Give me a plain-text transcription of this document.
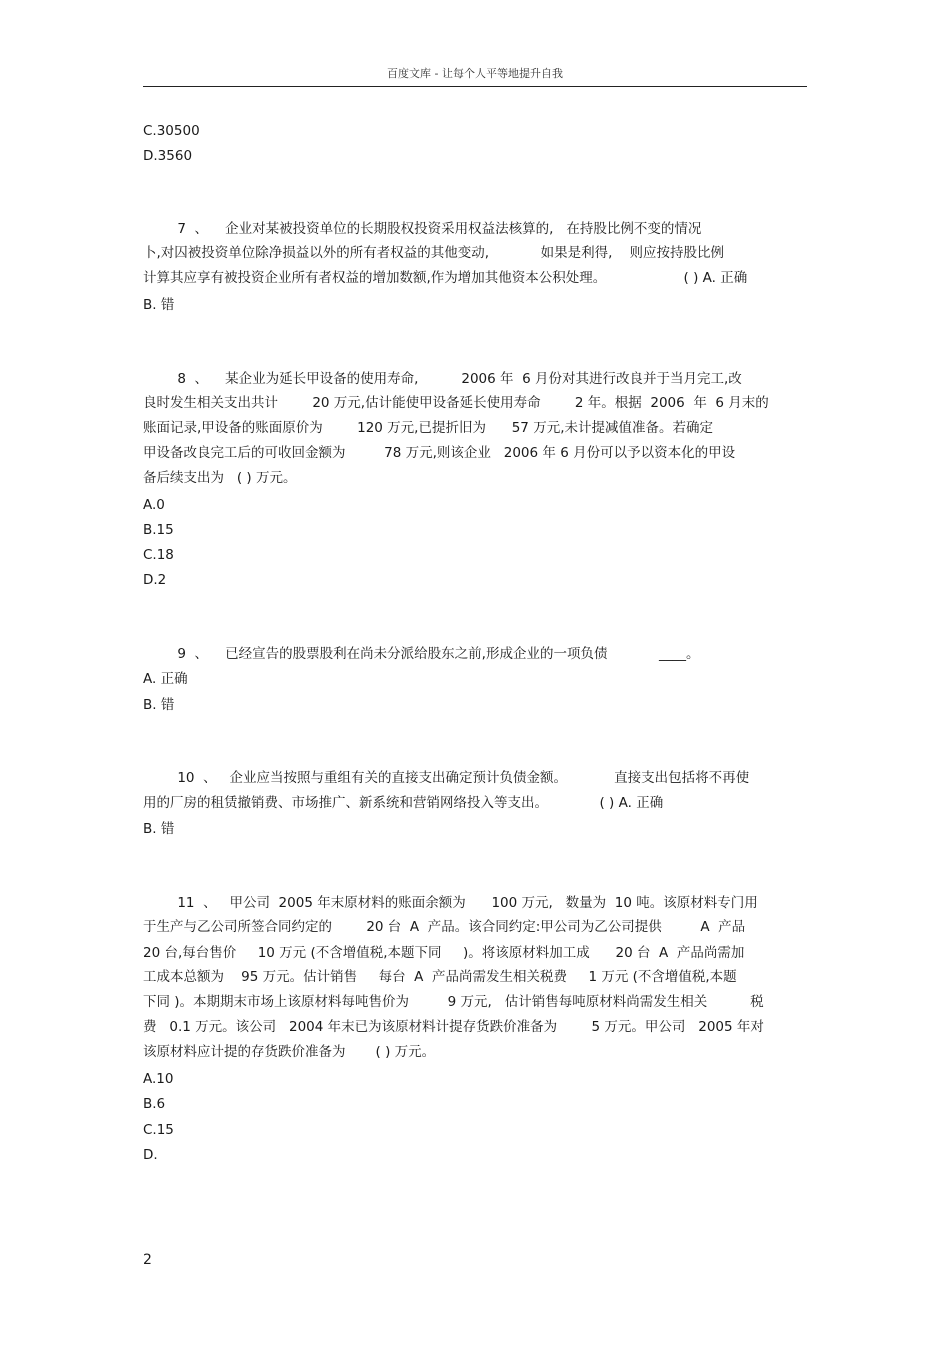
百度文库 - 让每个人平等地提升自我
C.30500
D.3560
7  、    企业对某被投资单位的长期股权投资采用权益法核算的,   在持股比例不变的情况
卜,对囚被投资单位除净损益以外的所有者权益的其他变动,            如果是利得,    则应按持股比例
计算其应享有被投资企业所有者权益的增加数额,作为增加其他资本公积处理。                  ( ) A. 正确
B. 错
8  、    某企业为延长甲设备的使用寿命,          2006 年  6 月份对其进行改良并于当月完工,改
良时发生相关支出共计        20 万元,估计能使甲设备延长使用寿命        2 年。根据  2006  年  6 月末的
账面记录,甲设备的账面原价为        120 万元,已提折旧为      57 万元,未计提减值准备。若确定
甲设备改良完工后的可收回金额为         78 万元,则该企业   2006 年 6 月份可以予以资本化的甲设
备后续支出为   ( ) 万元。
A.0
B.15
C.18
D.2
9  、    已经宣告的股票股利在尚未分派给股东之前,形成企业的一项负债            ____。
A. 正确
B. 错
10  、   企业应当按照与重组有关的直接支出确定预计负债金额。           直接支出包括将不再使
用的厂房的租赁撤销费、市场推广、新系统和营销网络投入等支出。            ( ) A. 正确
B. 错
11  、   甲公司  2005 年末原材料的账面余额为      100 万元,   数量为  10 吨。该原材料专门用
于生产与乙公司所签合同约定的        20 台  A  产品。该合同约定:甲公司为乙公司提供         A  产品
20 台,每台售价     10 万元 (不含增值税,本题下同     )。将该原材料加工成      20 台  A  产品尚需加
工成本总额为    95 万元。估计销售     每台  A  产品尚需发生相关税费     1 万元 (不含增值税,本题
下同 )。本期期末市场上该原材料每吨售价为         9 万元,   估计销售每吨原材料尚需发生相关          税
费   0.1 万元。该公司   2004 年末已为该原材料计提存货跌价准备为        5 万元。甲公司   2005 年对
该原材料应计提的存货跌价准备为       ( ) 万元。
A.10
B.6
C.15
D.
2
